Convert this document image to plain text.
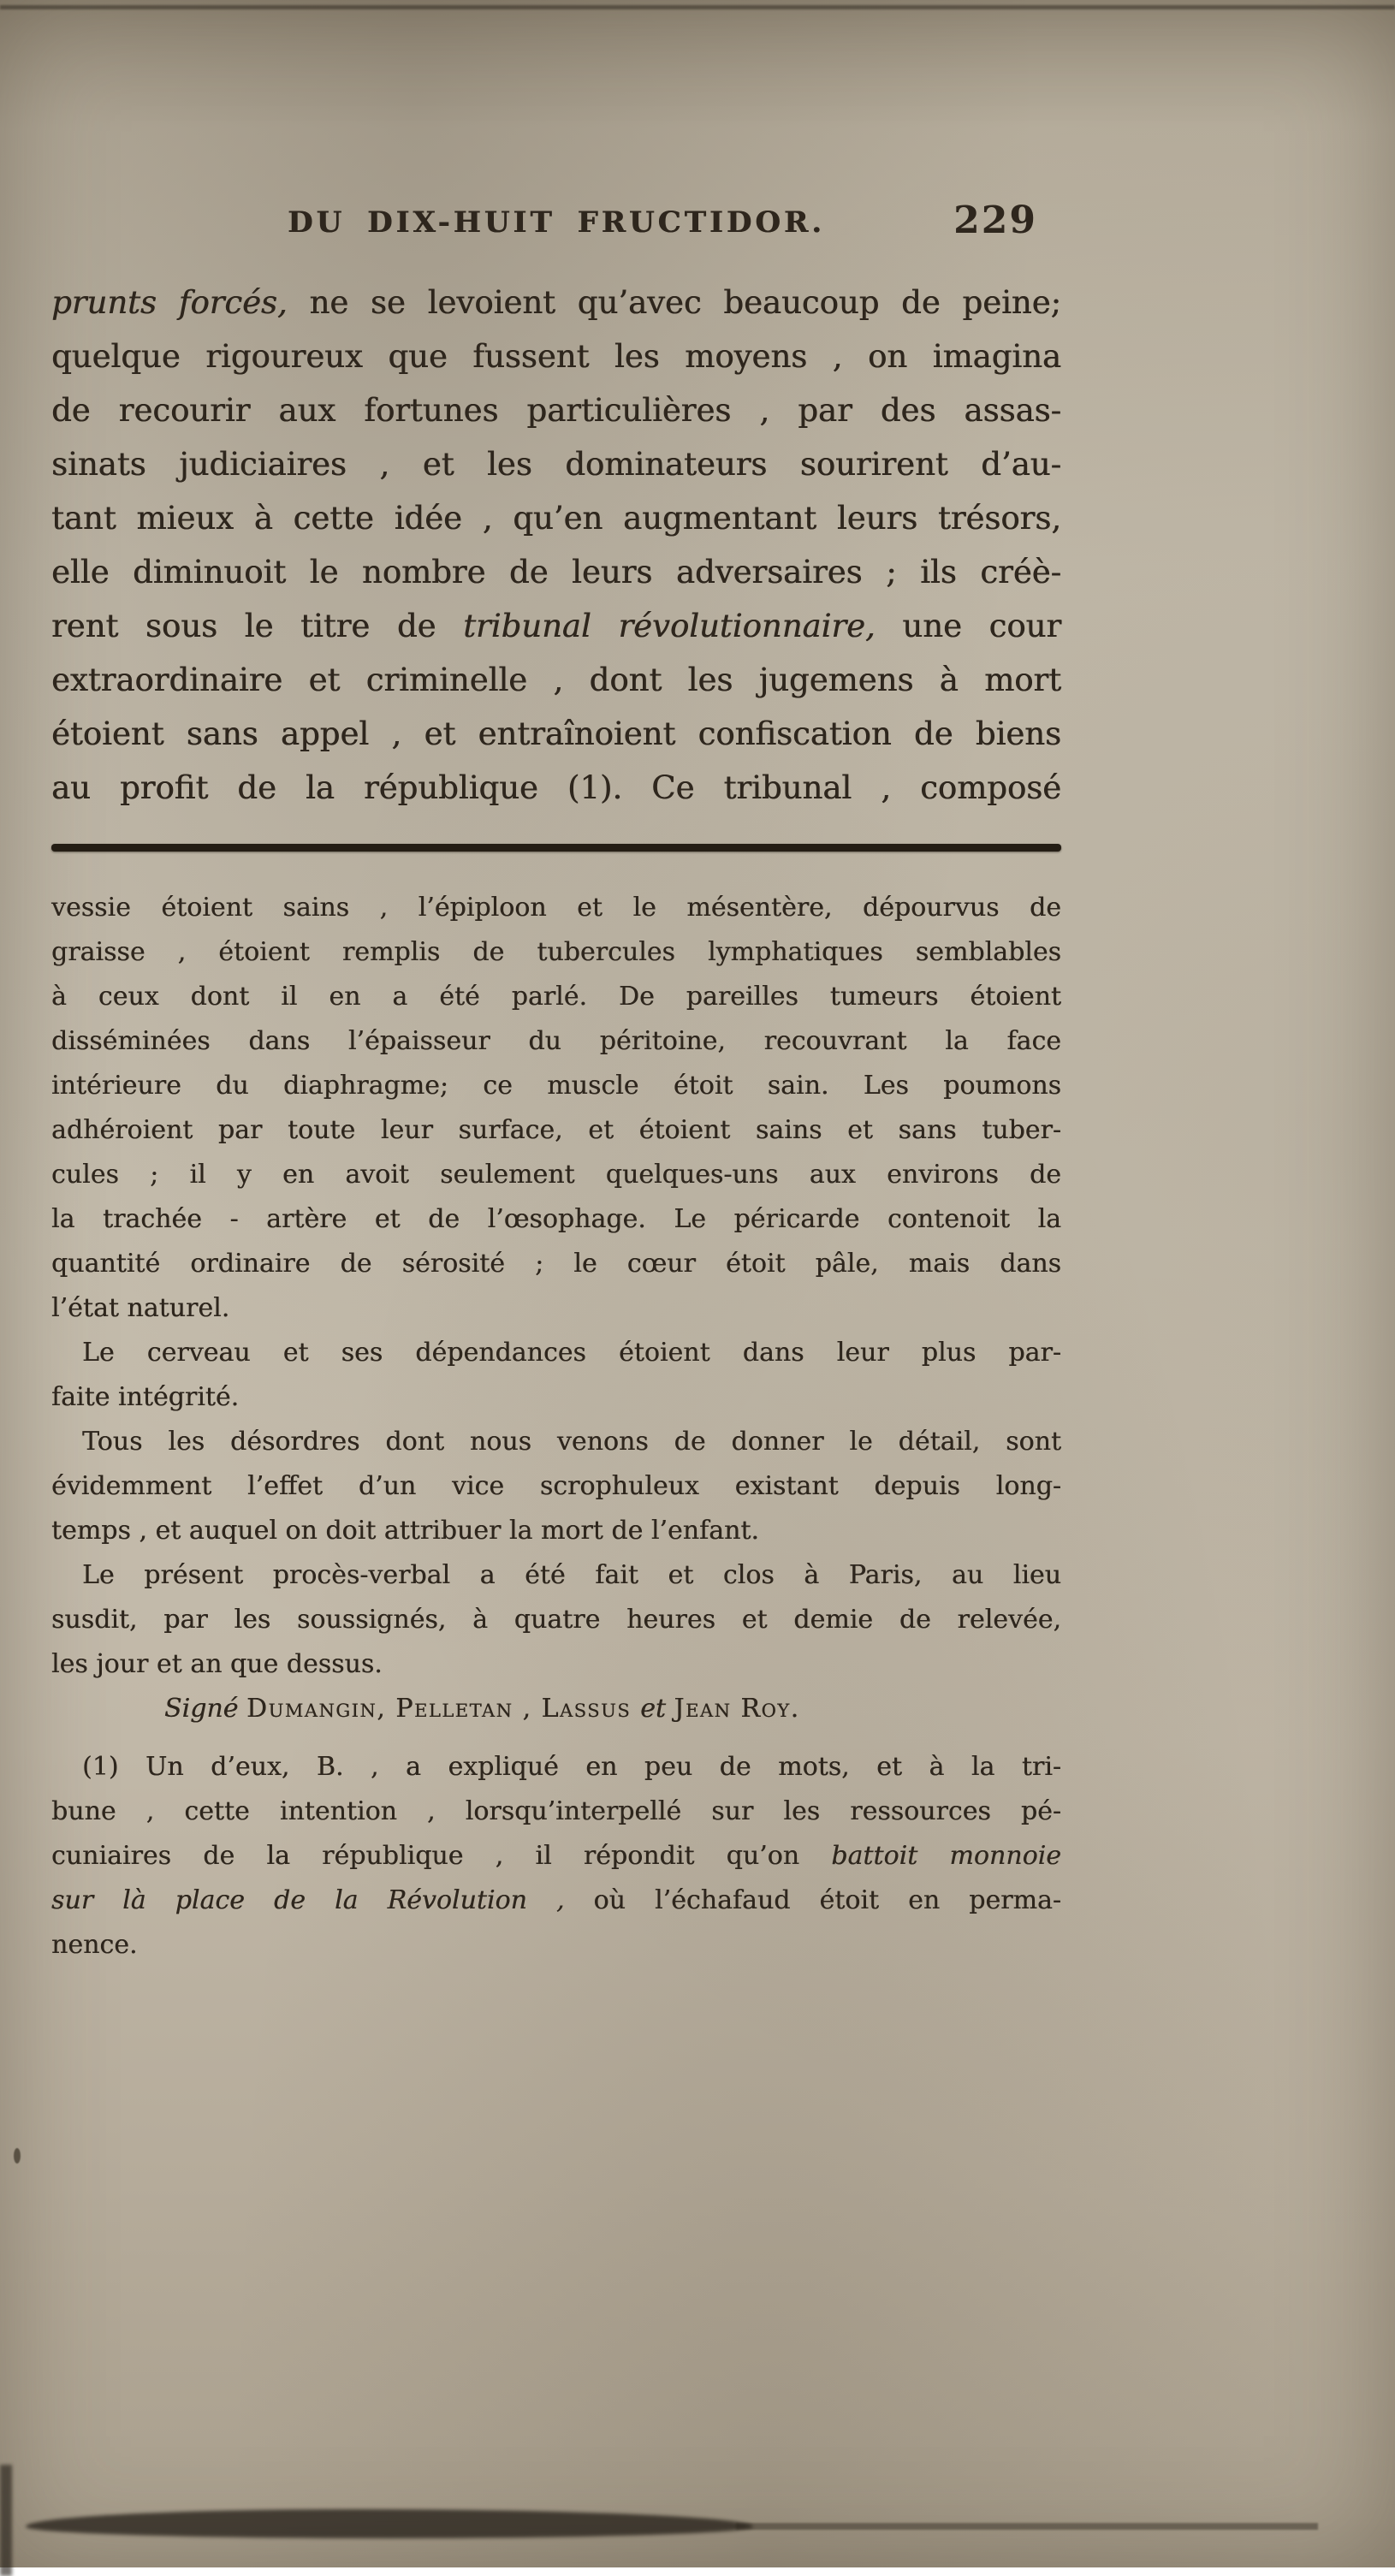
DU DIX-HUIT FRUCTIDOR.	229
prunts forcés, ne se levoient qu’avec beaucoup de peine;
quelque rigoureux que fussent les moyens , on imagina
de recourir aux fortunes particulières , par des assas-
sinats judiciaires , et les dominateurs sourirent d’au-
tant mieux à cette idée , qu’en augmentant leurs trésors,
elle diminuoit le nombre de leurs adversaires ; ils créè-
rent sous le titre de tribunal révolutionnaire, une cour
extraordinaire et criminelle , dont les jugemens à mort
étoient sans appel , et entraînoient confiscation de biens
au profit de la république (1). Ce tribunal , composé
vessie étoient sains , l’épiploon et le mésentère, dépourvus de
graisse , étoient remplis de tubercules lymphatiques semblables
à ceux dont il en a été parlé. De pareilles tumeurs étoient
disséminées dans l’épaisseur du péritoine, recouvrant la face
intérieure du diaphragme; ce muscle étoit sain. Les poumons
adhéroient par toute leur surface, et étoient sains et sans tuber-
cules ; il y en avoit seulement quelques-uns aux environs de
la trachée - artère et de l’œsophage. Le péricarde contenoit la
quantité ordinaire de sérosité ; le cœur étoit pâle, mais dans
l’état naturel.
Le cerveau et ses dépendances étoient dans leur plus par-
faite intégrité.
Tous les désordres dont nous venons de donner le détail, sont
évidemment l’effet d’un vice scrophuleux existant depuis long-
temps , et auquel on doit attribuer la mort de l’enfant.
Le présent procès-verbal a été fait et clos à Paris, au lieu
susdit, par les soussignés, à quatre heures et demie de relevée,
les jour et an que dessus.
Signé Dumangin, Pelletan , Lassus et Jean Roy.
(1) Un d’eux, B. , a expliqué en peu de mots, et à la tri-
bune , cette intention , lorsqu’interpellé sur les ressources pé-
cuniaires de la république , il répondit qu’on battoit monnoie
sur là place de la Révolution , où l’échafaud étoit en perma-
nence.
